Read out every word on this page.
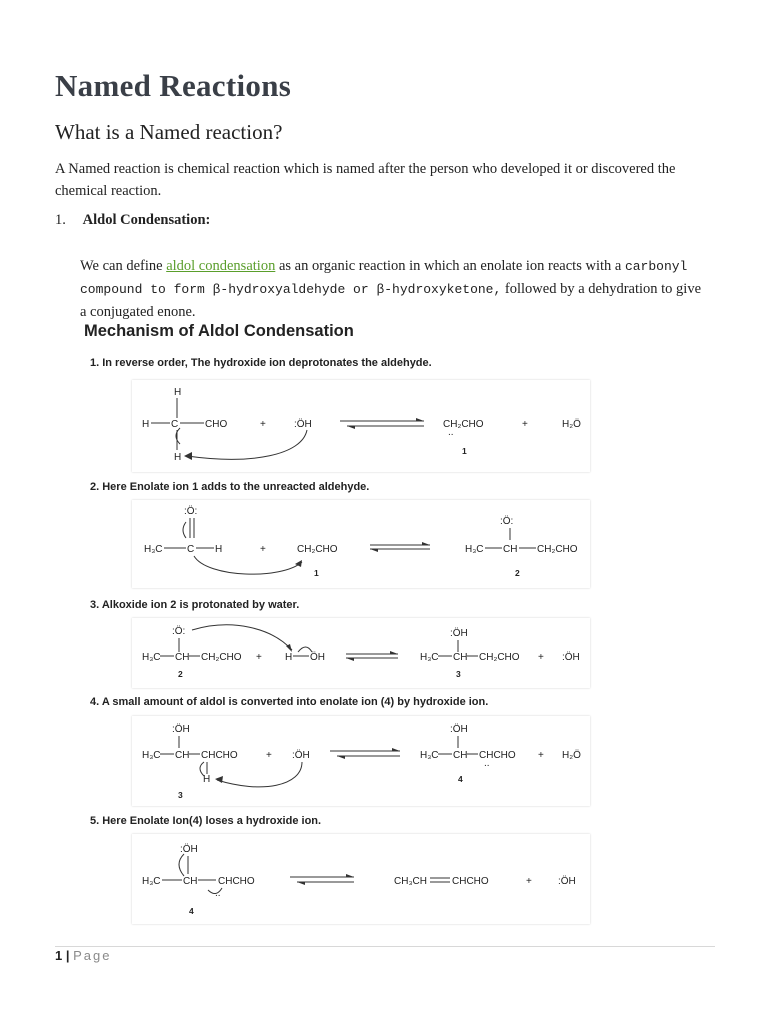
Named Reactions
What is a Named reaction?

A Named reaction is chemical reaction which is named after the person who developed it or discovered the chemical reaction.

1. Aldol Condensation:

We can define aldol condensation as an organic reaction in which an enolate ion reacts with a carbonyl compound to form β-hydroxyaldehyde or β-hydroxyketone, followed by a dehydration to give a conjugated enone.

Mechanism of Aldol Condensation
1. In reverse order, The hydroxide ion deprotonates the aldehyde.
H
H C	CHO
H
+	:ÖH	CH₂CHO
..
1
+	H₂Ö
2. Here Enolate ion 1 adds to the unreacted aldehyde.
:Ö:
H₃C C H	+	CH₂CHO
1
:Ö:
H₃C CH CH₂CHO
2
3. Alkoxide ion 2 is protonated by water.
:Ö:
H₃C CH CH₂CHO
2
+ H ÖH
:ÖH
H₃C CH CH₂CHO
3
+ :ÖH
4. A small amount of aldol is converted into enolate ion (4) by hydroxide ion.
:ÖH
H₃C CH CHCHO
H
3
+ :ÖH
:ÖH
H₃C CH CHCHO
..
4
+ H₂Ö
5. Here Enolate Ion(4) loses a hydroxide ion.
:ÖH
H₃C CH CHCHO
..
4
CH₃CH	CHCHO	+	:ÖH
1 | Page
